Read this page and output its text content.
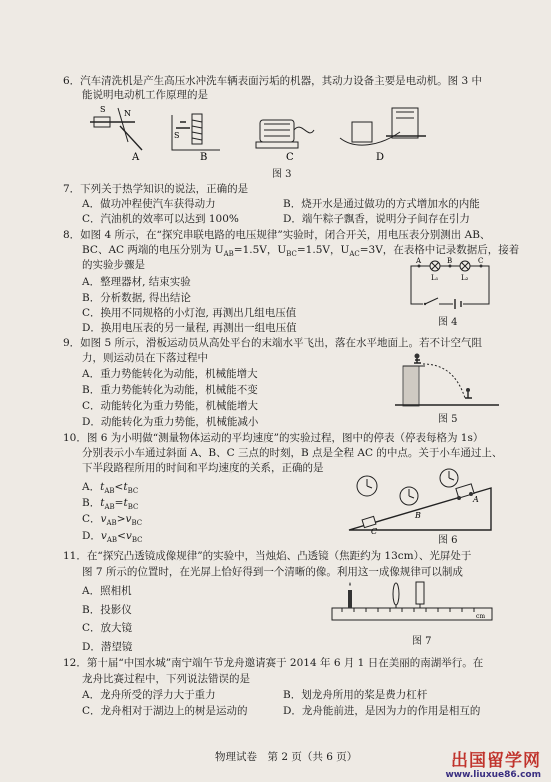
6．汽车清洗机是产生高压水冲洗车辆表面污垢的机器，其动力设备主要是电动机。图 3 中
能说明电动机工作原理的是
S N
S
A	B	C	D
图 3
7．下列关于热学知识的说法，正确的是
A．做功冲程使汽车获得动力	B．烧开水是通过做功的方式增加水的内能
C．汽油机的效率可以达到 100%	D．端午粽子飘香，说明分子间存在引力
8．如图 4 所示，在“探究串联电路的电压规律”实验时，闭合开关，用电压表分别测出 AB、
BC、AC 两端的电压分别为 $U_{AB}=1.5V$，$U_{BC}=1.5V$，$U_{AC}=3V$，在表格中记录数据后，接着
的实验步骤是
A．整理器材, 结束实验
B．分析数据, 得出结论
C．换用不同规格的小灯泡, 再测出几组电压值
D．换用电压表的另一量程, 再测出一组电压值
A	B	C
L₁	L₂
图 4
9．如图 5 所示，滑板运动员从高处平台的末端水平飞出，落在水平地面上。若不计空气阻
力，则运动员在下落过程中
A．重力势能转化为动能，机械能增大
B．重力势能转化为动能，机械能不变
C．动能转化为重力势能，机械能增大
D．动能转化为重力势能，机械能减小	图 5
10．图 6 为小明做“测量物体运动的平均速度”的实验过程，图中的停表（停表每格为 1s）
分别表示小车通过斜面 A、B、C 三点的时刻，B 点是全程 AC 的中点。关于小车通过上、
下半段路程所用的时间和平均速度的关系，正确的是
A．$t_{AB}<t_{BC}$
B．$t_{AB}=t_{BC}$
C．$v_{AB}>v_{BC}$
D．$v_{AB}<v_{BC}$
C
B
A
图 6
11．在“探究凸透镜成像规律”的实验中，当烛焰、凸透镜（焦距约为 13cm）、光屏处于
图 7 所示的位置时，在光屏上恰好得到一个清晰的像。利用这一成像规律可以制成
A．照相机
B．投影仪
C．放大镜
D．潜望镜
cm
图 7
12．第十届“中国水城”南宁端午节龙舟邀请赛于 2014 年 6 月 1 日在美丽的南湖举行。在
龙舟比赛过程中，下列说法错误的是
A．龙舟所受的浮力大于重力	B．划龙舟所用的桨是费力杠杆
C．龙舟相对于湖边上的树是运动的	D．龙舟能前进，是因为力的作用是相互的
物理试卷　第 2 页（共 6 页）	出国留学网
www.liuxue86.com
